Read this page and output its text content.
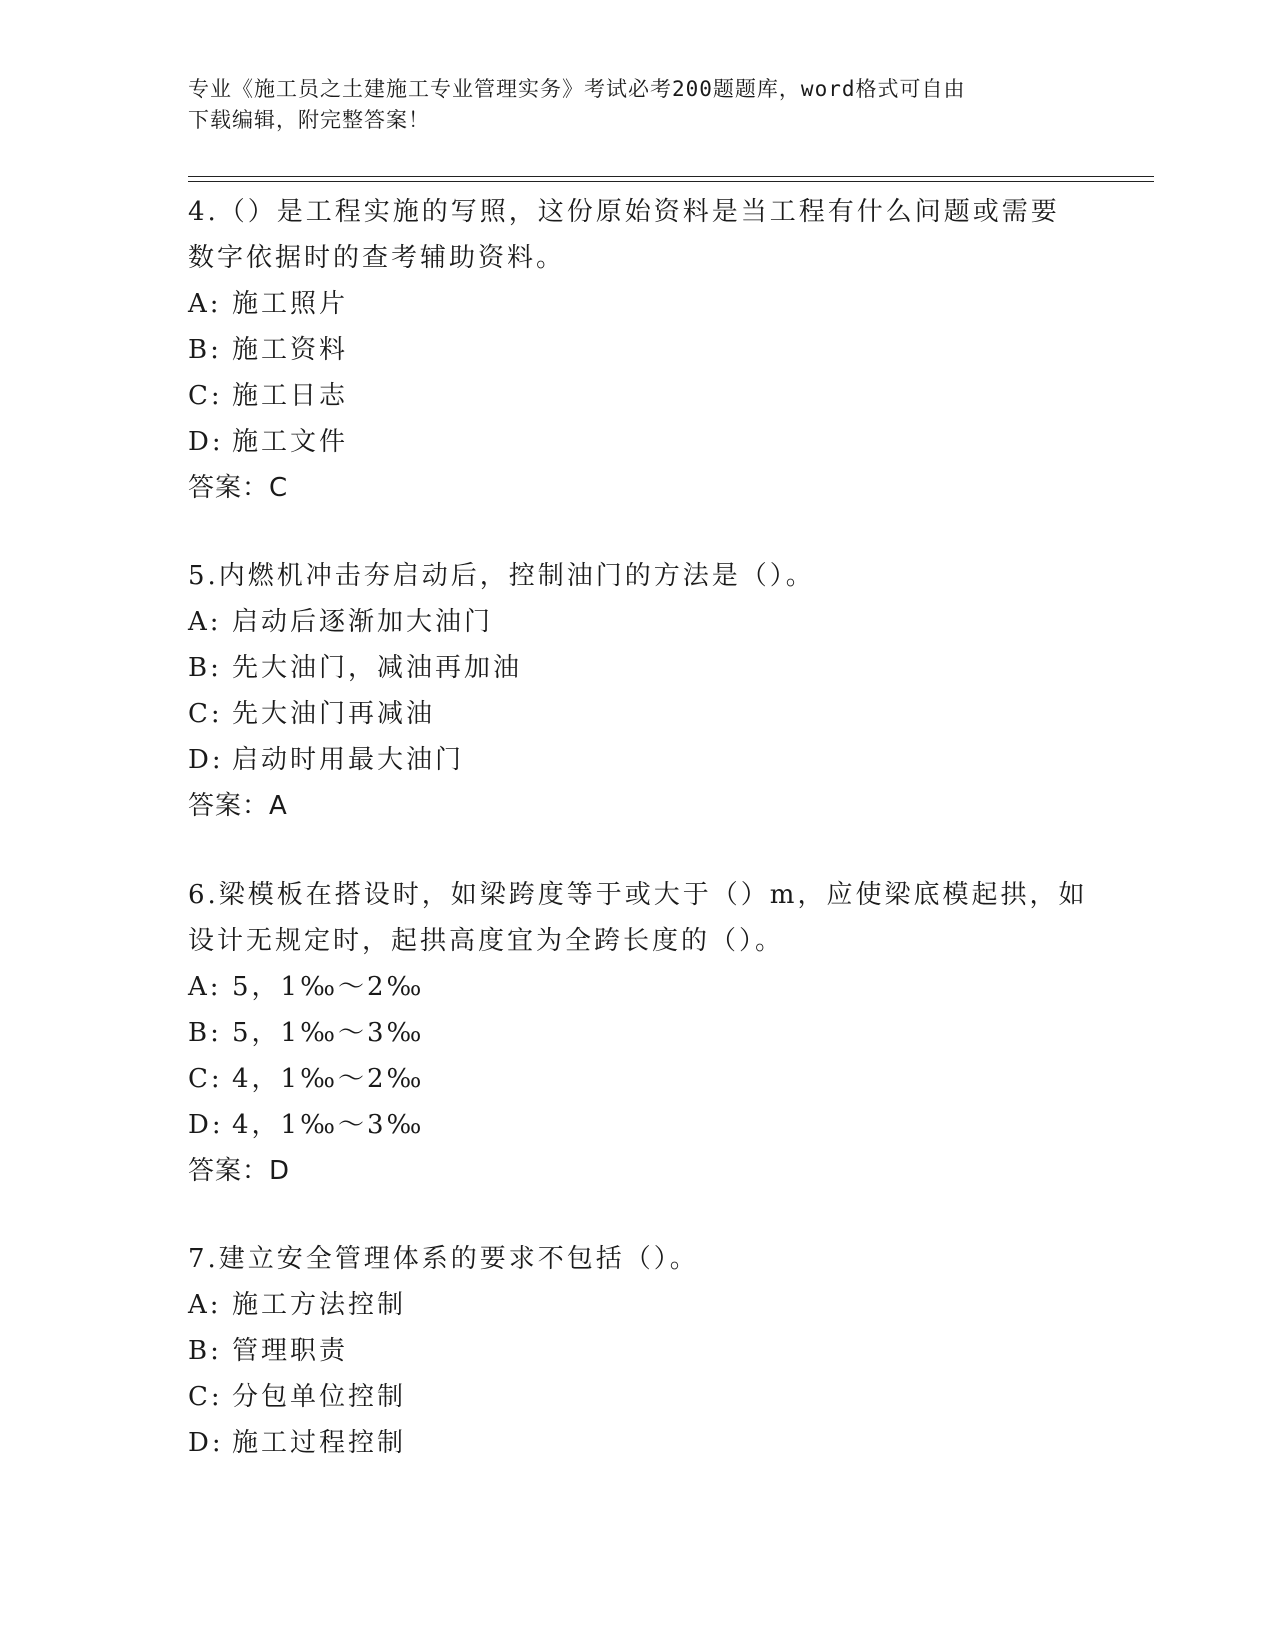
专业《施工员之土建施工专业管理实务》考试必考200题题库，word格式可自由
下载编辑，附完整答案！

4.（）是工程实施的写照，这份原始资料是当工程有什么问题或需要
数字依据时的查考辅助资料。

A: 施工照片

B: 施工资料

C: 施工日志

D: 施工文件

答案：C

5.内燃机冲击夯启动后，控制油门的方法是（）。

A: 启动后逐渐加大油门

B: 先大油门，减油再加油

C: 先大油门再减油

D: 启动时用最大油门

答案：A

6.梁模板在搭设时，如梁跨度等于或大于（）m，应使梁底模起拱，如
设计无规定时，起拱高度宜为全跨长度的（）。

A: 5，1‰～2‰

B: 5，1‰～3‰

C: 4，1‰～2‰

D: 4，1‰～3‰

答案：D

7.建立安全管理体系的要求不包括（）。

A: 施工方法控制

B: 管理职责

C: 分包单位控制

D: 施工过程控制
